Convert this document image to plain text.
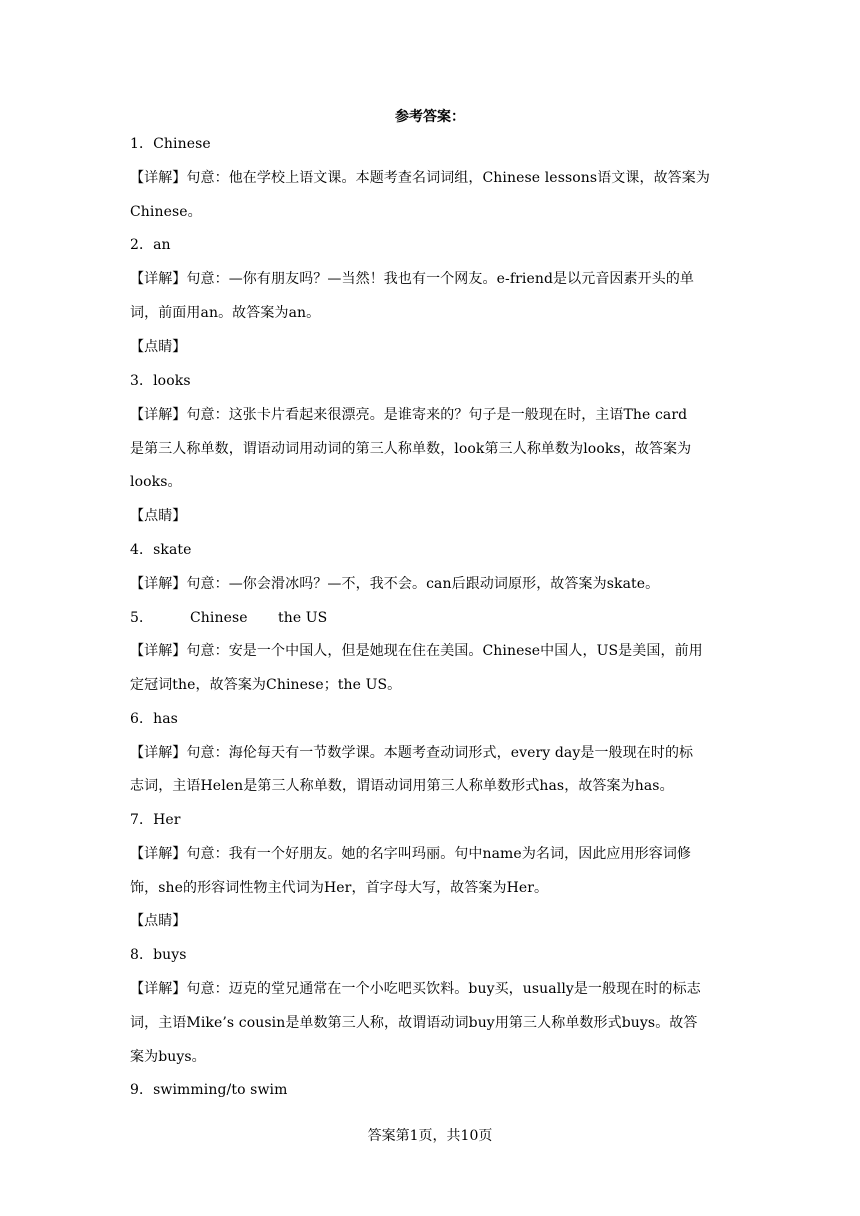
参考答案：
1．Chinese
【详解】句意：他在学校上语文课。本题考查名词词组，Chinese lessons语文课，故答案为
Chinese。
2．an
【详解】句意：—你有朋友吗？—当然！我也有一个网友。e-friend是以元音因素开头的单
词，前面用an。故答案为an。
【点睛】
3．looks
【详解】句意：这张卡片看起来很漂亮。是谁寄来的？句子是一般现在时，主语The card
是第三人称单数，谓语动词用动词的第三人称单数，look第三人称单数为looks，故答案为
looks。
【点睛】
4．skate
【详解】句意：—你会滑冰吗？—不，我不会。can后跟动词原形，故答案为skate。
5．	Chinese the US
【详解】句意：安是一个中国人，但是她现在住在美国。Chinese中国人，US是美国，前用
定冠词the，故答案为Chinese；the US。
6．has
【详解】句意：海伦每天有一节数学课。本题考查动词形式，every day是一般现在时的标
志词，主语Helen是第三人称单数，谓语动词用第三人称单数形式has，故答案为has。
7．Her
【详解】句意：我有一个好朋友。她的名字叫玛丽。句中name为名词，因此应用形容词修
饰，she的形容词性物主代词为Her，首字母大写，故答案为Her。
【点睛】
8．buys
【详解】句意：迈克的堂兄通常在一个小吃吧买饮料。buy买，usually是一般现在时的标志
词，主语Mike’s cousin是单数第三人称，故谓语动词buy用第三人称单数形式buys。故答
案为buys。
9．swimming/to swim
答案第1页，共10页
